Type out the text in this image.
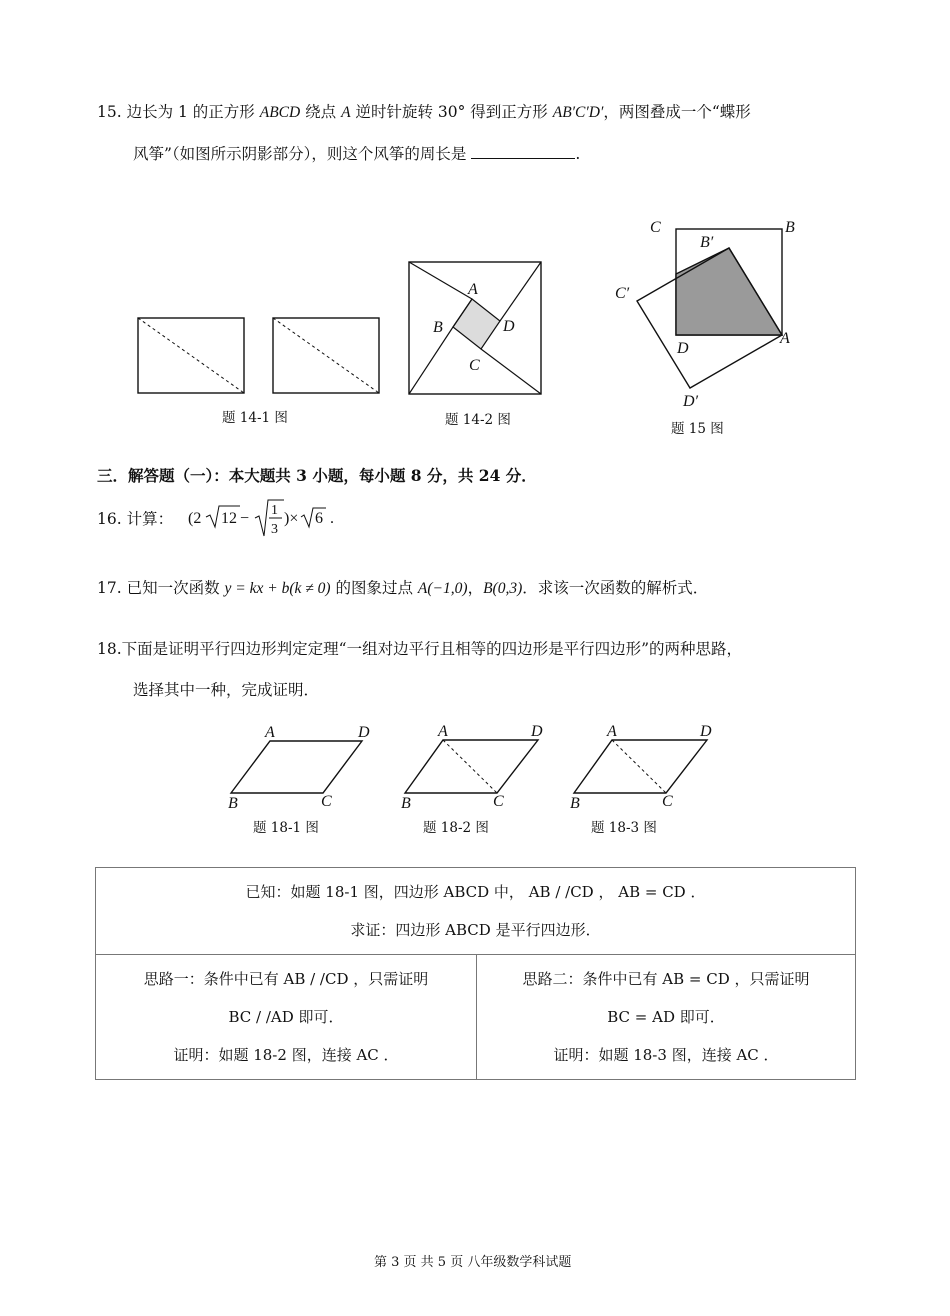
15. 边长为 1 的正方形 ABCD 绕点 A 逆时针旋转 30° 得到正方形 AB′C′D′，两图叠成一个“蝶形
风筝”（如图所示阴影部分），则这个风筝的周长是	.
题 14-1 图
A
B	D
C
题 14-2 图
C	B
B′
C′
D
A
D′
题 15 图
三．解答题（一）：本大题共 3 小题，每小题 8 分，共 24 分．
16. 计算： (2 12 − 1
3
)× 6 .
17. 已知一次函数 y = kx + b(k ≠ 0) 的图象过点 A(−1,0)，B(0,3)．求该一次函数的解析式．
18.下面是证明平行四边形判定定理“一组对边平行且相等的四边形是平行四边形”的两种思路，
选择其中一种，完成证明．
A	D
B	C
题 18-1 图
A	D
B	C
题 18-2 图
A	D
B	C
题 18-3 图
已知：如题 18-1 图，四边形 ABCD 中， AB / /CD ， AB = CD ．
求证：四边形 ABCD 是平行四边形．

思路一：条件中已有 AB / /CD ，只需证明
BC / /AD 即可．
证明：如题 18-2 图，连接 AC ．

思路二：条件中已有 AB = CD ，只需证明
BC = AD 即可．
证明：如题 18-3 图，连接 AC ．
第 3 页 共 5 页 八年级数学科试题
